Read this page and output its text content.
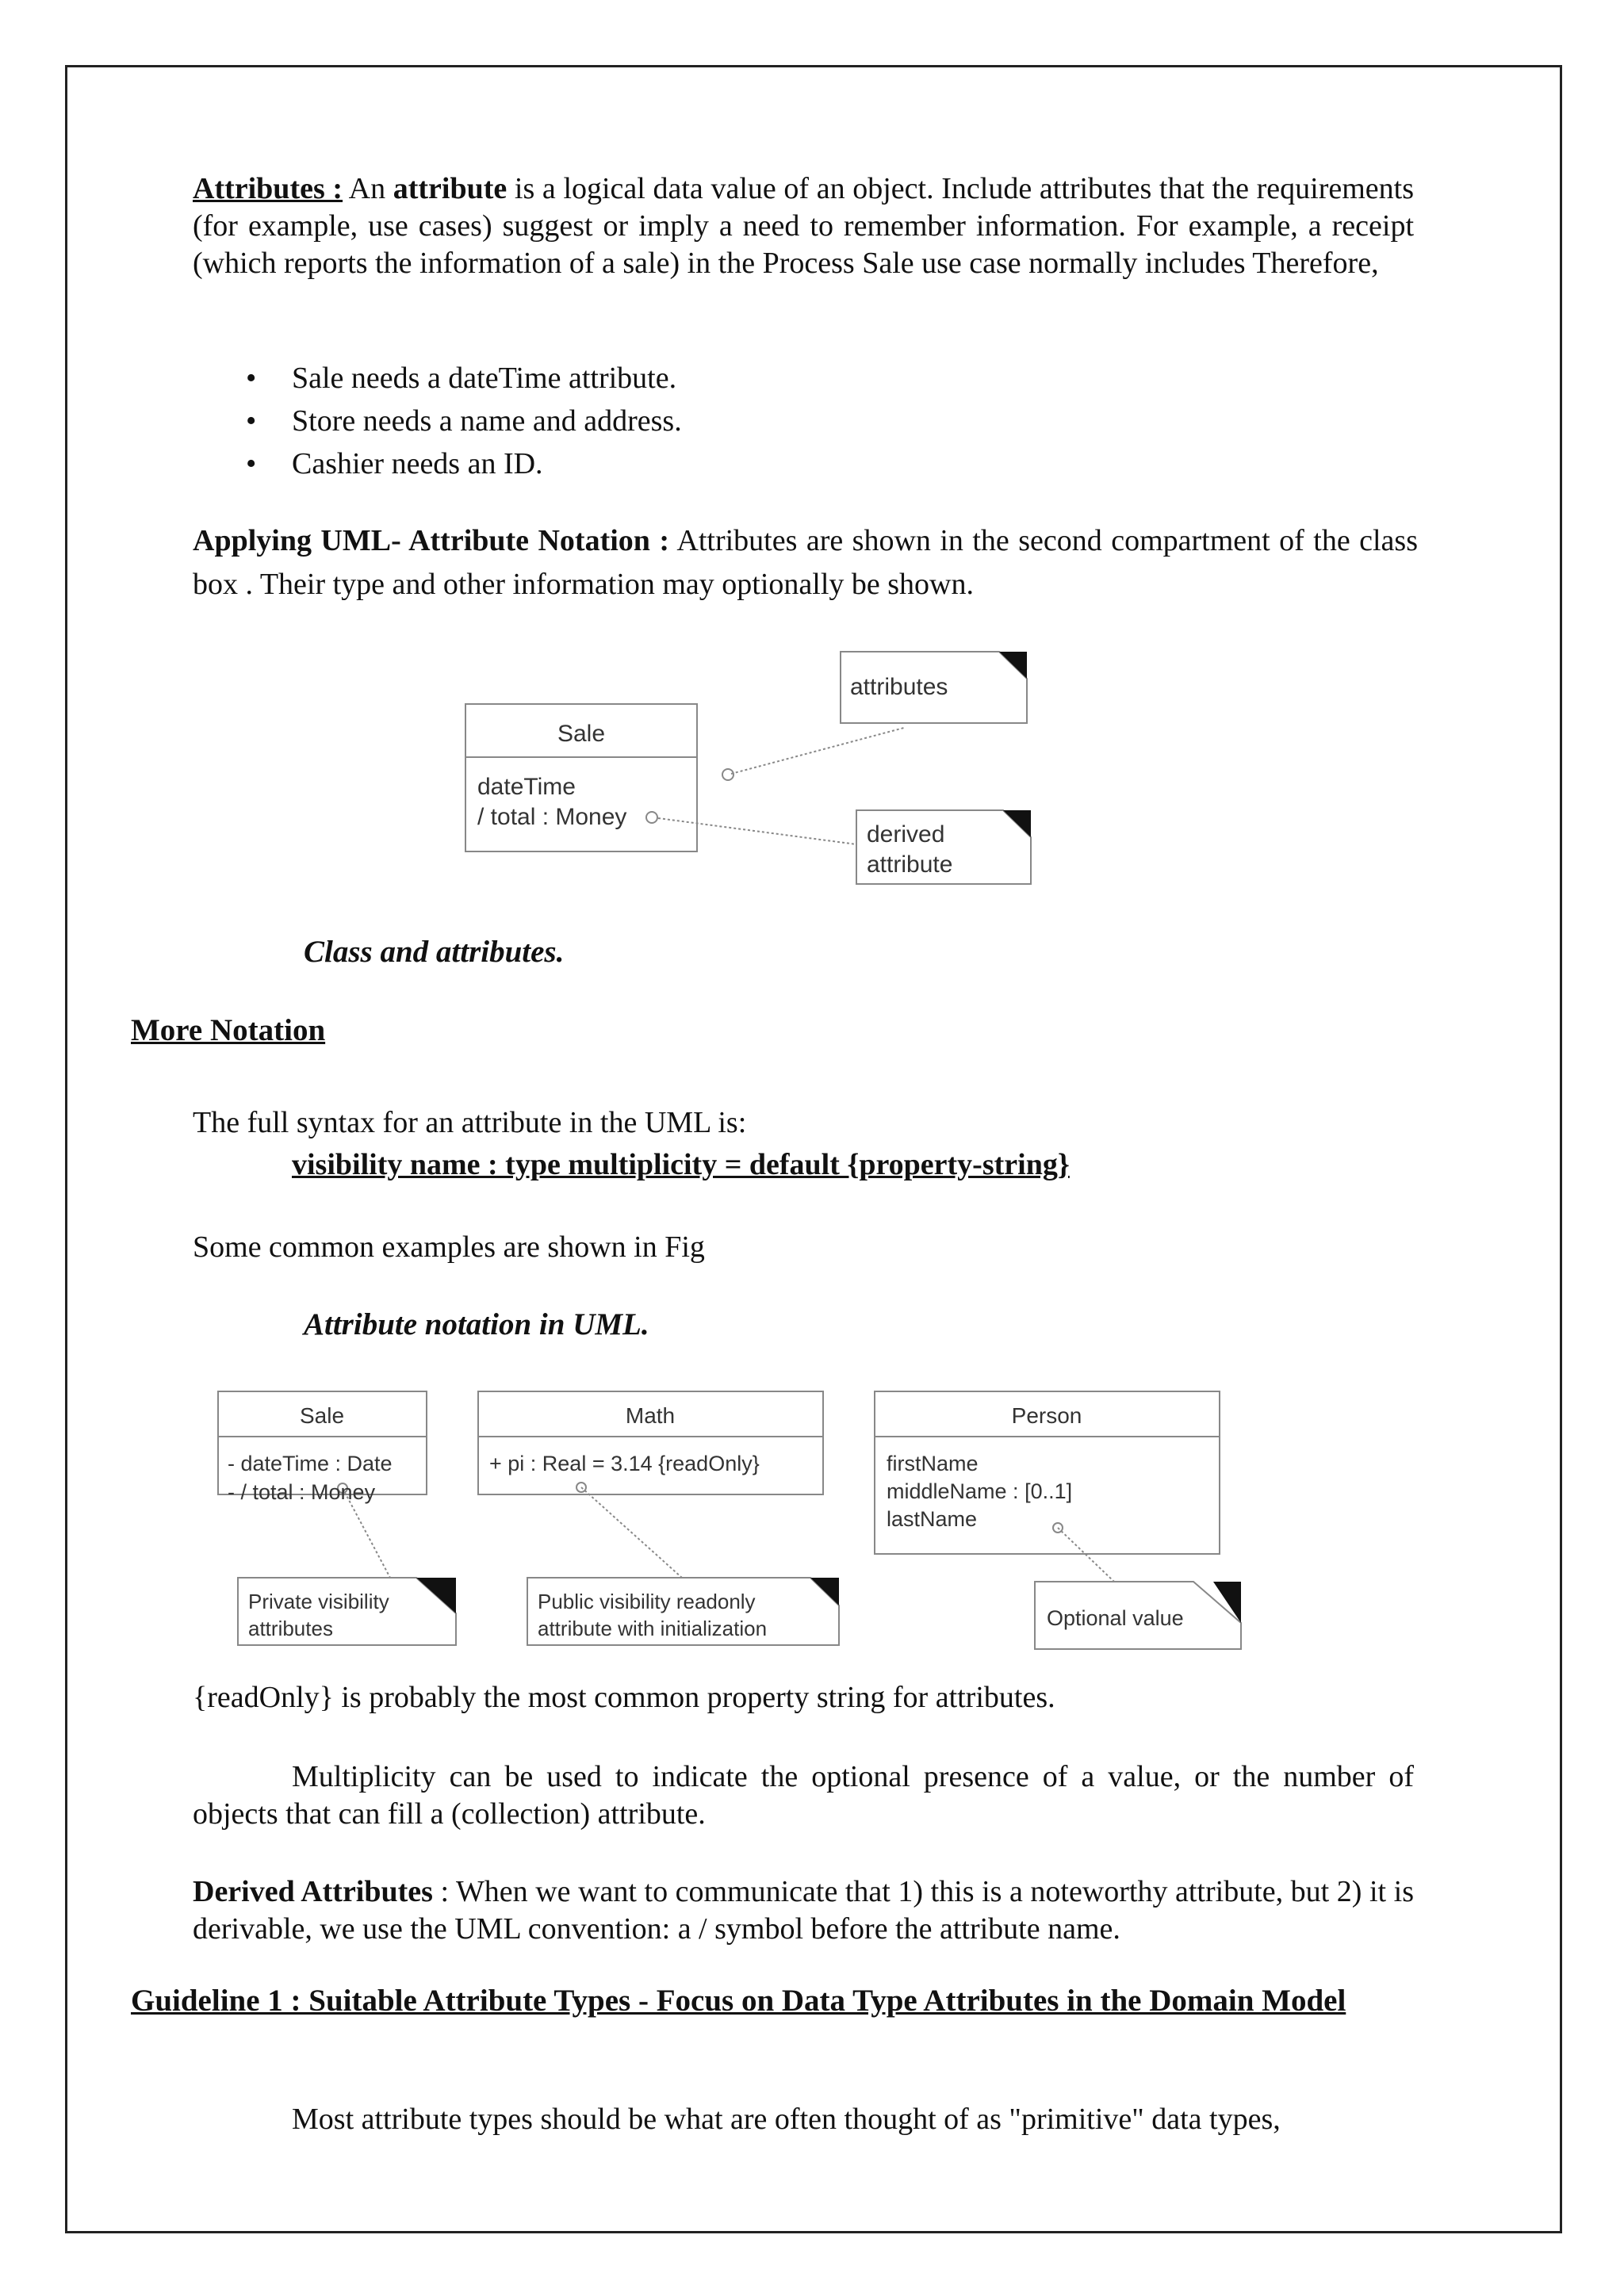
Attributes : An attribute is a logical data value of an object. Include attributes that the requirements (for example, use cases) suggest or imply a need to remember information. For example, a receipt (which reports the information of a sale) in the Process Sale use case normally includes Therefore,
• Sale needs a dateTime attribute.
• Store needs a name and address.
• Cashier needs an ID.
Applying UML- Attribute Notation : Attributes are shown in the second compartment of the class box . Their type and other information may optionally be shown.
Sale
dateTime
/ total : Money
attributes
derived
attribute
Class and attributes.
More Notation
The full syntax for an attribute in the UML is:
visibility name : type multiplicity = default {property-string}
Some common examples are shown in Fig
Attribute notation in UML.
Sale
- dateTime : Date
- / total : Money
Private visibility
attributes
Math
+ pi : Real = 3.14 {readOnly}
Public visibility readonly
attribute with initialization
Person
firstName
middleName : [0..1]
lastName
Optional value
{readOnly} is probably the most common property string for attributes.
Multiplicity can be used to indicate the optional presence of a value, or the number of objects that can fill a (collection) attribute.
Derived Attributes : When we want to communicate that 1) this is a noteworthy attribute, but 2) it is derivable, we use the UML convention: a / symbol before the attribute name.
Guideline 1 : Suitable Attribute Types - Focus on Data Type Attributes in the Domain Model
Most attribute types should be what are often thought of as "primitive" data types,
